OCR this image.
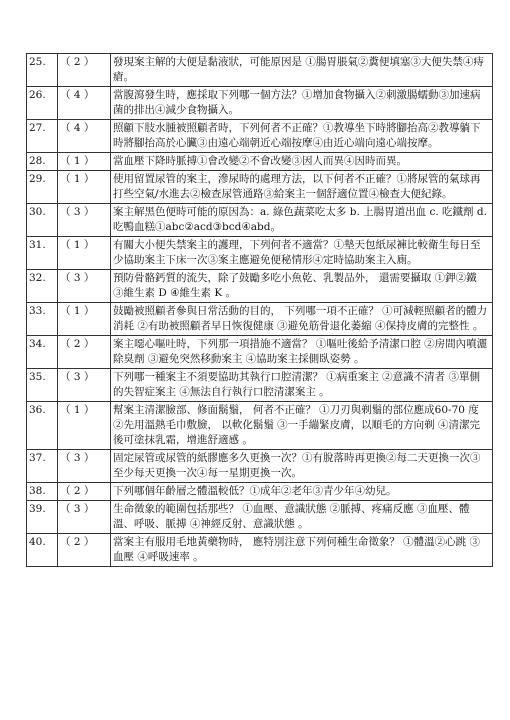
25.	（ 2 ）	發現案主解的大便是黏液狀，可能原因是 ①腸胃脹氣②糞便填塞③大便失禁④痔瘡。
26.	（ 4 ）	當腹瀉發生時，應採取下列哪一個方法？①增加食物攝入②刺激腸蠕動③加速病菌的排出④減少食物攝入。
27.	（ 4 ）	照顧下肢水腫被照顧者時，下列何者不正確？①教導坐下時將腳抬高②教導躺下時將腳抬高於心臟③由遠心端朝近心端按摩④由近心端向遠心端按摩。
28.	（ 1 ）	當血壓下降時脈搏①會改變②不會改變③因人而異④因時而異。
29.	（ 1 ）	使用留置尿管的案主，滲尿時的處理方法，以下何者不正確？①將尿管的氣球再打些空氣/水進去②檢查尿管通路③給案主一個舒適位置④檢查大便紀錄。
30.	（ 3 ）	案主解黑色便時可能的原因為：a. 綠色蔬菜吃太多 b. 上腸胃道出血 c. 吃鐵劑 d. 吃鴨血糕①abc②acd③bcd④abd。
31.	（ 1 ）	有關大小便失禁案主的護理，下列何者不適當？①墊天包紙尿褲比較衛生每日至少協助案主下床一次③案主應避免便秘情形④定時協助案主入廁。
32.	（ 3 ）	預防骨骼鈣質的流失，除了鼓勵多吃小魚乾、乳製品外， 還需要攝取 ①鉀②鐵 ③維生素 D ④維生素 K 。
33.	（ 1 ）	鼓勵被照顧者參與日常活動的目的， 下列哪一項不正確？ ①可減輕照顧者的體力消耗 ②有助被照顧者早日恢復健康 ③避免筋骨退化萎縮 ④保持皮膚的完整性 。
34.	（ 2 ）	案主噁心嘔吐時，下列那一項措施不適當？ ①嘔吐後給予清潔口腔 ②房間內噴灑除臭劑 ③避免突然移動案主 ④協助案主採側臥姿勢 。
35.	（ 3 ）	下列哪一種案主不須要協助其執行口腔清潔？ ①病重案主 ②意識不清者 ③單側的失智症案主 ④無法自行執行口腔清潔案主 。
36.	（ 1 ）	幫案主清潔臉部、修面鬍鬚， 何者不正確？ ①刀刃與剃鬚的部位應成60-70 度 ②先用溫熱毛巾敷臉， 以軟化鬍鬚 ③一手繃緊皮膚，以順毛的方向剃 ④清潔完後可塗抹乳霜，增進舒適感 。
37.	（ 3 ）	固定尿管或尿管的紙膠應多久更換一次？①有脫落時再更換②每二天更換一次③至少每天更換一次④每一星期更換一次。
38.	（ 2 ）	下列哪個年齡層之體溫較低？①成年②老年③青少年④幼兒。
39.	（ 3 ）	生命徵象的範圍包括那些？ ①血壓、意識狀態 ②脈搏、疼痛反應 ③血壓、體溫、呼吸、脈搏 ④神經反射、意識狀態 。
40.	（ 2 ）	當案主有服用毛地黃藥物時， 應特別注意下列何種生命徵象？ ①體溫②心跳 ③血壓 ④呼吸速率 。
